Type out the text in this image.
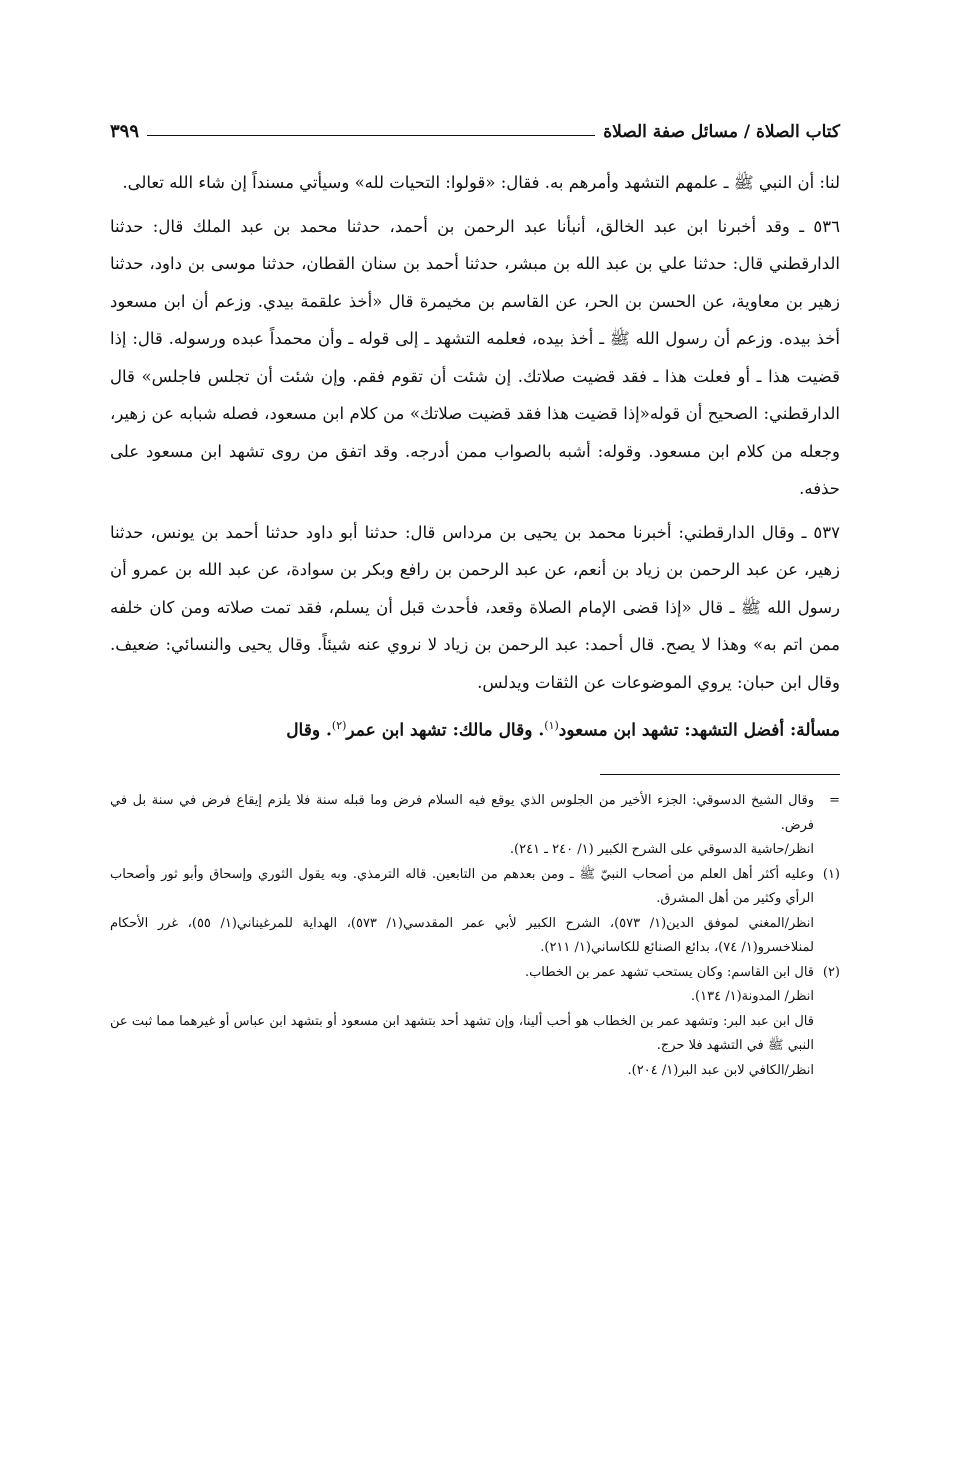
كتاب الصلاة / مسائل صفة الصلاة
٣٩٩

لنا: أن النبي ﷺ ـ علمهم التشهد وأمرهم به. فقال: «قولوا: التحيات لله» وسيأتي مسنداً إن شاء الله تعالى.

٥٣٦ ـ وقد أخبرنا ابن عبد الخالق، أنبأنا عبد الرحمن بن أحمد، حدثنا محمد بن عبد الملك قال: حدثنا الدارقطني قال: حدثنا علي بن عبد الله بن مبشر، حدثنا أحمد بن سنان القطان، حدثنا موسى بن داود، حدثنا زهير بن معاوية، عن الحسن بن الحر، عن القاسم بن مخيمرة قال «أخذ علقمة بيدي. وزعم أن ابن مسعود أخذ بيده. وزعم أن رسول الله ﷺ ـ أخذ بيده، فعلمه التشهد ـ إلى قوله ـ وأن محمداً عبده ورسوله. قال: إذا قضيت هذا ـ أو فعلت هذا ـ فقد قضيت صلاتك. إن شئت أن تقوم فقم. وإن شئت أن تجلس فاجلس» قال الدارقطني: الصحيح أن قوله«إذا قضيت هذا فقد قضيت صلاتك» من كلام ابن مسعود، فصله شبابه عن زهير، وجعله من كلام ابن مسعود. وقوله: أشبه بالصواب ممن أدرجه. وقد اتفق من روى تشهد ابن مسعود على حذفه.

٥٣٧ ـ وقال الدارقطني: أخبرنا محمد بن يحيى بن مرداس قال: حدثنا أبو داود حدثنا أحمد بن يونس، حدثنا زهير، عن عبد الرحمن بن زياد بن أنعم، عن عبد الرحمن بن رافع وبكر بن سوادة، عن عبد الله بن عمرو أن رسول الله ﷺ ـ قال «إذا قضى الإمام الصلاة وقعد، فأحدث قبل أن يسلم، فقد تمت صلاته ومن كان خلفه ممن اتم به» وهذا لا يصح. قال أحمد: عبد الرحمن بن زياد لا نروي عنه شيئاً. وقال يحيى والنسائي: ضعيف. وقال ابن حبان: يروي الموضوعات عن الثقات ويدلس.

مسألة: أفضل التشهد: تشهد ابن مسعود$^{(١)}$. وقال مالك: تشهد ابن عمر$^{(٢)}$. وقال
=
وقال الشيخ الدسوقي: الجزء الأخير من الجلوس الذي يوقع فيه السلام فرض وما قبله سنة فلا يلزم إيقاع فرض في سنة بل في فرض.
انظر/حاشية الدسوقي على الشرح الكبير (١/ ٢٤٠ ـ ٢٤١).
(١)
وعليه أكثر أهل العلم من أصحاب النبيّ ﷺ ـ ومن بعدهم من التابعين. قاله الترمذي. وبه يقول الثوري وإسحاق وأبو ثور وأصحاب الرأي وكثير من أهل المشرق.
انظر/المغني لموفق الدين(١/ ٥٧٣)، الشرح الكبير لأبي عمر المقدسي(١/ ٥٧٣)، الهداية للمرغيناني(١/ ٥٥)، غرر الأحكام لمنلاخسرو(١/ ٧٤)، بدائع الصنائع للكاساني(١/ ٢١١).
(٢)
قال ابن القاسم: وكان يستحب تشهد عمر بن الخطاب.
انظر/ المدونة(١/ ١٣٤).
قال ابن عبد البر: وتشهد عمر بن الخطاب هو أحب ألينا، وإن تشهد أحد بتشهد ابن مسعود أو بتشهد ابن عباس أو غيرهما مما ثبت عن النبي ﷺ في التشهد فلا حرج.
انظر/الكافي لابن عبد البر(١/ ٢٠٤).
